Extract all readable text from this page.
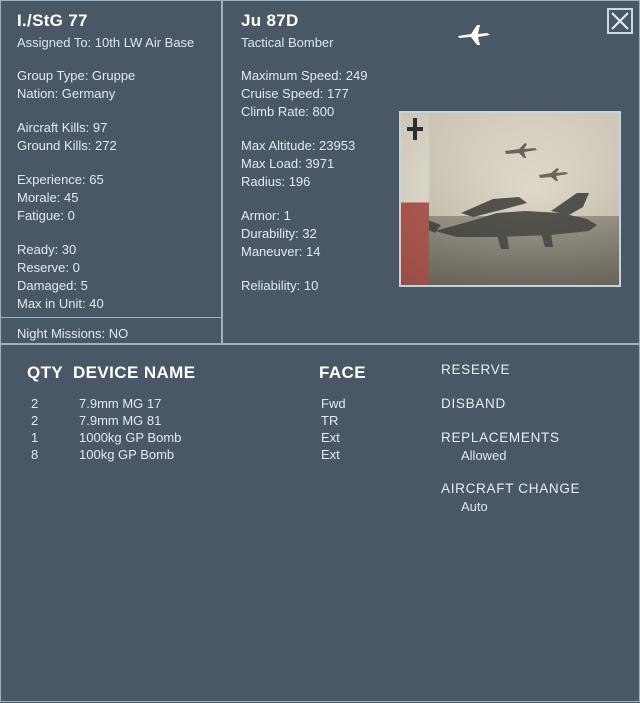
I./StG 77
Assigned To: 10th LW Air Base
Group Type: Gruppe
Nation: Germany
Aircraft Kills: 97
Ground Kills: 272
Experience: 65
Morale: 45
Fatigue: 0
Ready: 30
Reserve: 0
Damaged: 5
Max in Unit: 40
Night Missions: NO
Ju 87D
Tactical Bomber
Maximum Speed: 249
Cruise Speed: 177
Climb Rate: 800
Max Altitude: 23953
Max Load: 3971
Radius: 196
Armor: 1
Durability: 32
Maneuver: 14
Reliability: 10
QTY DEVICE NAME	FACE
2	7.9mm MG 17	Fwd
2	7.9mm MG 81	TR
1	1000kg GP Bomb	Ext
8	100kg GP Bomb	Ext
RESERVE
DISBAND
REPLACEMENTS
Allowed
AIRCRAFT CHANGE
Auto
